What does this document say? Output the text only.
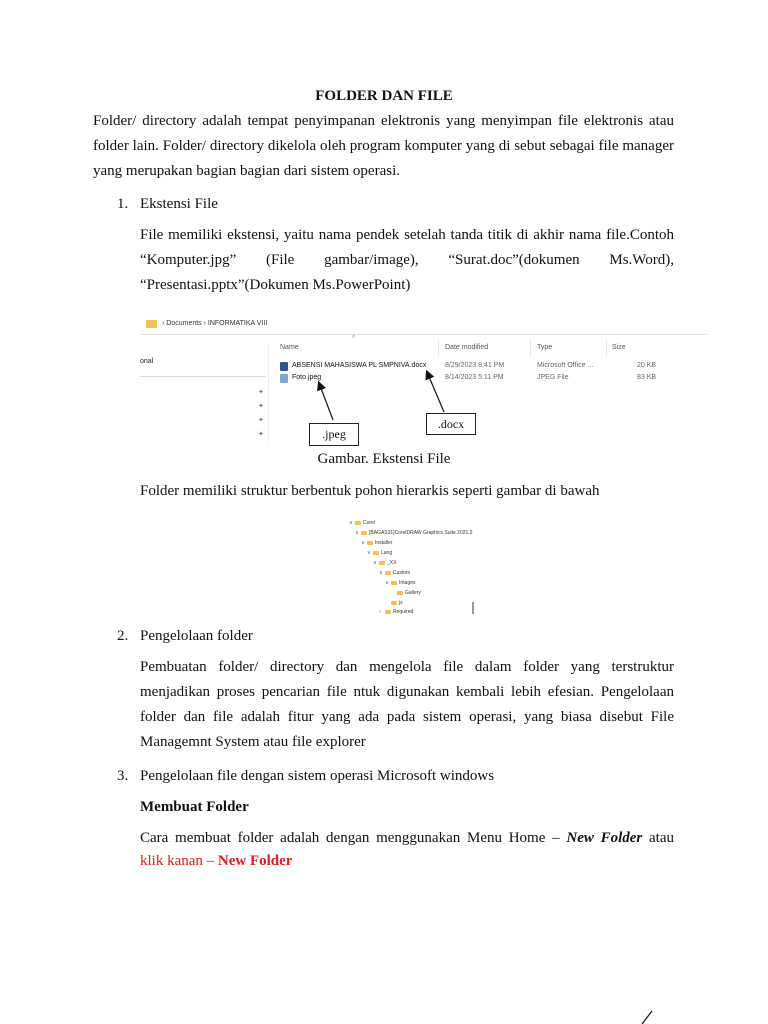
FOLDER DAN FILE
Folder/ directory adalah tempat penyimpanan elektronis yang menyimpan file elektronis atau folder lain. Folder/ directory dikelola oleh program komputer yang di sebut sebagai file manager yang merupakan bagian bagian dari sistem operasi.
1. Ekstensi File
File memiliki ekstensi, yaitu nama pendek setelah tanda titik di akhir nama file.Contoh “Komputer.jpg” (File gambar/image), “Surat.doc”(dokumen Ms.Word), “Presentasi.pptx”(Dokumen Ms.PowerPoint)
› Documents › INFORMATIKA VIII
^
onal
✦
✦
✦
✦
Name	Date modified	Type	Size
ABSENSI MAHASISWA PL SMPNIVA.docx	8/29/2023 8:41 PM	Microsoft Office ...	20 KB
Foto.jpeg	8/14/2023 5:11 PM	JPEG File	83 KB
.jpeg
.docx
Gambar. Ekstensi File
Folder memiliki struktur berbentuk pohon hierarkis seperti gambar di bawah
∨ Corel
∨ [BAGAS31]CorelDRAW Graphics Suite 2021.2
∨ Installer
∨ Lang
∨ _XX
∨ Custom
∨ Images
Gallery
js
› Required
2. Pengelolaan folder
Pembuatan folder/ directory dan mengelola file dalam folder yang terstruktur menjadikan proses pencarian file ntuk digunakan kembali lebih efesian. Pengelolaan folder dan file adalah fitur yang ada pada sistem operasi, yang biasa disebut File Managemnt System atau file explorer
3. Pengelolaan file dengan sistem operasi Microsoft windows
Membuat Folder
Cara membuat folder adalah dengan menggunakan Menu Home – New Folder atau
klik kanan – New Folder
